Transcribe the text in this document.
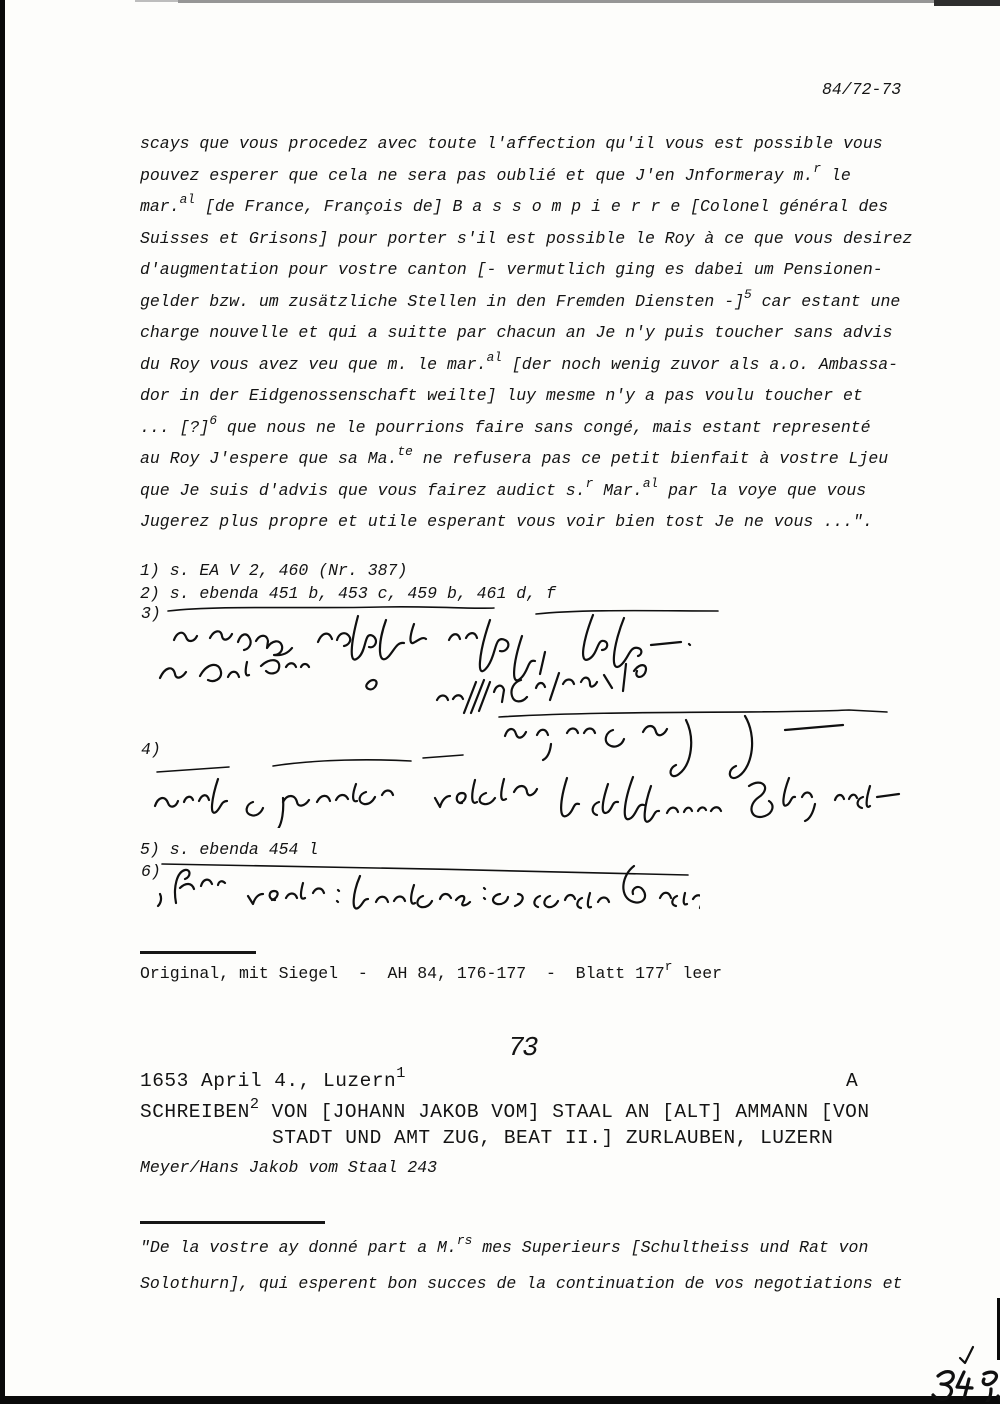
84/72-73
scays que vous procedez avec toute l'affection qu'il vous est possible vous
pouvez esperer que cela ne sera pas oublié et que J'en Jnformeray m.$^r$ le
mar.$^{al}$ [de France, François de] B a s s o m p i e r r e [Colonel général des
Suisses et Grisons] pour porter s'il est possible le Roy à ce que vous desirez
d'augmentation pour vostre canton [- vermutlich ging es dabei um Pensionen-
gelder bzw. um zusätzliche Stellen in den Fremden Diensten -]$^5$ car estant une
charge nouvelle et qui a suitte par chacun an Je n'y puis toucher sans advis
du Roy vous avez veu que m. le mar.$^{al}$ [der noch wenig zuvor als a.o. Ambassa-
dor in der Eidgenossenschaft weilte] luy mesme n'y a pas voulu toucher et
... [?]$^6$ que nous ne le pourrions faire sans congé, mais estant representé
au Roy J'espere que sa Ma.$^{te}$ ne refusera pas ce petit bienfait à vostre Ljeu
que Je suis d'advis que vous fairez audict s.$^r$ Mar.$^{al}$ par la voye que vous
Jugerez plus propre et utile esperant vous voir bien tost Je ne vous ...".
1) s. EA V 2, 460 (Nr. 387)
2) s. ebenda 451 b, 453 c, 459 b, 461 d, f
3)
4)
5) s. ebenda 454 l
6)
Original, mit Siegel  -  AH 84, 176-177  -  Blatt 177$^r$ leer
73
1653 April 4., Luzern$^1$	A
SCHREIBEN$^2$ VON [JOHANN JAKOB VOM] STAAL AN [ALT] AMMANN [VON
STADT UND AMT ZUG, BEAT II.] ZURLAUBEN, LUZERN
Meyer/Hans Jakob vom Staal 243
"De la vostre ay donné part a M.$^{rs}$ mes Superieurs [Schultheiss und Rat von
Solothurn], qui esperent bon succes de la continuation de vos negotiations et
